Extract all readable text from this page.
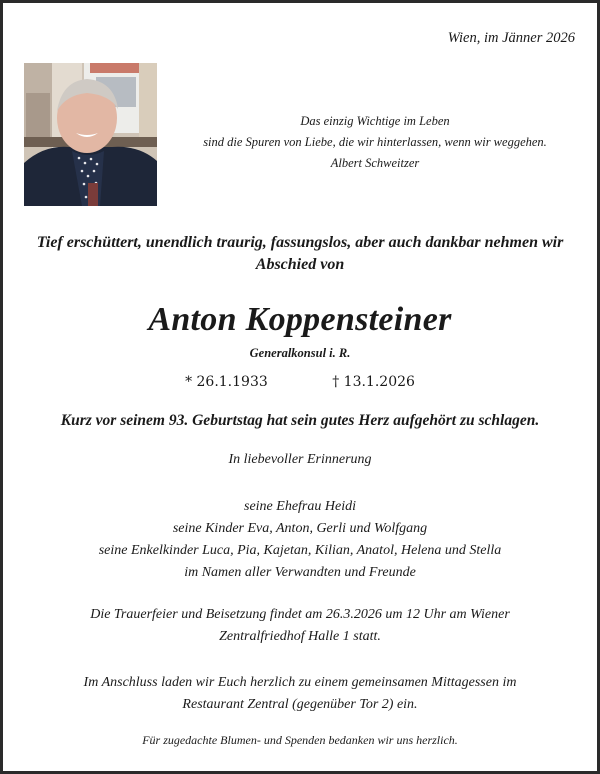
Wien, im Jänner 2026
Das einzig Wichtige im Leben
sind die Spuren von Liebe, die wir hinterlassen, wenn wir weggehen.
Albert Schweitzer
Tief erschüttert, unendlich traurig, fassungslos, aber auch dankbar nehmen wir
Abschied von
Anton Koppensteiner
Generalkonsul i. R.
* 26.1.1933	† 13.1.2026
Kurz vor seinem 93. Geburtstag hat sein gutes Herz aufgehört zu schlagen.
In liebevoller Erinnerung
seine Ehefrau Heidi
seine Kinder Eva, Anton, Gerli und Wolfgang
seine Enkelkinder Luca, Pia, Kajetan, Kilian, Anatol, Helena und Stella
im Namen aller Verwandten und Freunde
Die Trauerfeier und Beisetzung findet am 26.3.2026 um 12 Uhr am Wiener
Zentralfriedhof Halle 1 statt.
Im Anschluss laden wir Euch herzlich zu einem gemeinsamen Mittagessen im
Restaurant Zentral (gegenüber Tor 2) ein.
Für zugedachte Blumen- und Spenden bedanken wir uns herzlich.
